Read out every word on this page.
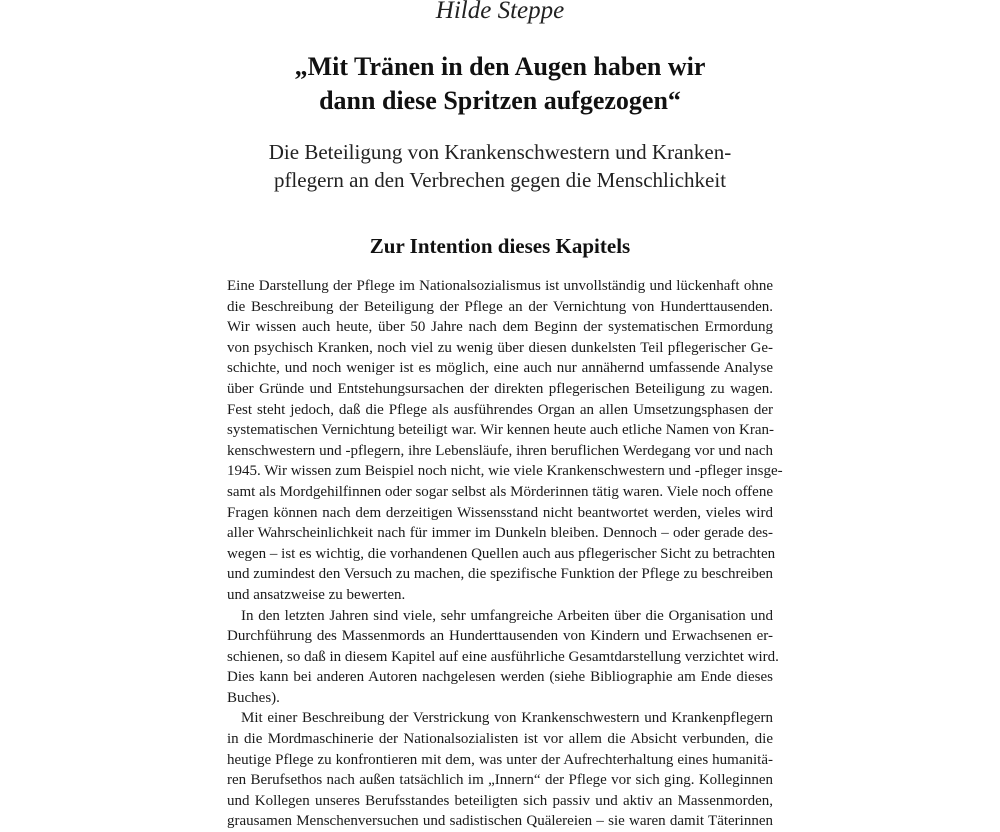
Hilde Steppe
„Mit Tränen in den Augen haben wir
dann diese Spritzen aufgezogen“
Die Beteiligung von Krankenschwestern und Kranken-
pflegern an den Verbrechen gegen die Menschlichkeit
Zur Intention dieses Kapitels

Eine Darstellung der Pflege im Nationalsozialismus ist unvollständig und lückenhaft ohne
die Beschreibung der Beteiligung der Pflege an der Vernichtung von Hunderttausenden.
Wir wissen auch heute, über 50 Jahre nach dem Beginn der systematischen Ermordung
von psychisch Kranken, noch viel zu wenig über diesen dunkelsten Teil pflegerischer Ge-
schichte, und noch weniger ist es möglich, eine auch nur annähernd umfassende Analyse
über Gründe und Entstehungsursachen der direkten pflegerischen Beteiligung zu wagen.
Fest steht jedoch, daß die Pflege als ausführendes Organ an allen Umsetzungsphasen der
systematischen Vernichtung beteiligt war. Wir kennen heute auch etliche Namen von Kran-
kenschwestern und -pflegern, ihre Lebensläufe, ihren beruflichen Werdegang vor und nach
1945. Wir wissen zum Beispiel noch nicht, wie viele Krankenschwestern und -pfleger insge-
samt als Mordgehilfinnen oder sogar selbst als Mörderinnen tätig waren. Viele noch offene
Fragen können nach dem derzeitigen Wissensstand nicht beantwortet werden, vieles wird
aller Wahrscheinlichkeit nach für immer im Dunkeln bleiben. Dennoch – oder gerade des-
wegen – ist es wichtig, die vorhandenen Quellen auch aus pflegerischer Sicht zu betrachten
und zumindest den Versuch zu machen, die spezifische Funktion der Pflege zu beschreiben
und ansatzweise zu bewerten.

In den letzten Jahren sind viele, sehr umfangreiche Arbeiten über die Organisation und
Durchführung des Massenmords an Hunderttausenden von Kindern und Erwachsenen er-
schienen, so daß in diesem Kapitel auf eine ausführliche Gesamtdarstellung verzichtet wird.
Dies kann bei anderen Autoren nachgelesen werden (siehe Bibliographie am Ende dieses
Buches).

Mit einer Beschreibung der Verstrickung von Krankenschwestern und Krankenpflegern
in die Mordmaschinerie der Nationalsozialisten ist vor allem die Absicht verbunden, die
heutige Pflege zu konfrontieren mit dem, was unter der Aufrechterhaltung eines humanitä-
ren Berufsethos nach außen tatsächlich im „Innern“ der Pflege vor sich ging. Kolleginnen
und Kollegen unseres Berufsstandes beteiligten sich passiv und aktiv an Massenmorden,
grausamen Menschenversuchen und sadistischen Quälereien – sie waren damit Täterinnen
